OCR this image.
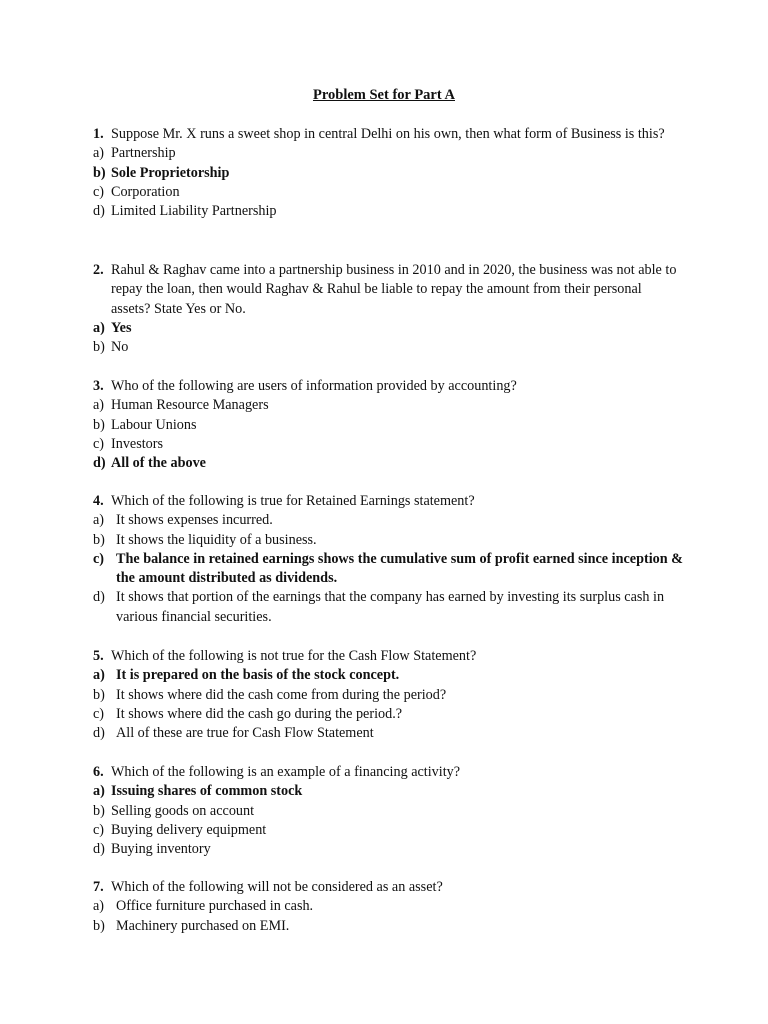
Problem Set for Part A
1. Suppose Mr. X runs a sweet shop in central Delhi on his own, then what form of Business is this?
a) Partnership
b) Sole Proprietorship
c) Corporation
d) Limited Liability Partnership
2. Rahul & Raghav came into a partnership business in 2010 and in 2020, the business was not able to repay the loan, then would Raghav & Rahul be liable to repay the amount from their personal assets? State Yes or No.
a) Yes
b) No
3. Who of the following are users of information provided by accounting?
a) Human Resource Managers
b) Labour Unions
c) Investors
d) All of the above
4. Which of the following is true for Retained Earnings statement?
a) It shows expenses incurred.
b) It shows the liquidity of a business.
c) The balance in retained earnings shows the cumulative sum of profit earned since inception & the amount distributed as dividends.
d) It shows that portion of the earnings that the company has earned by investing its surplus cash in various financial securities.
5. Which of the following is not true for the Cash Flow Statement?
a) It is prepared on the basis of the stock concept.
b) It shows where did the cash come from during the period?
c) It shows where did the cash go during the period.?
d) All of these are true for Cash Flow Statement
6. Which of the following is an example of a financing activity?
a) Issuing shares of common stock
b) Selling goods on account
c) Buying delivery equipment
d) Buying inventory
7. Which of the following will not be considered as an asset?
a) Office furniture purchased in cash.
b) Machinery purchased on EMI.
